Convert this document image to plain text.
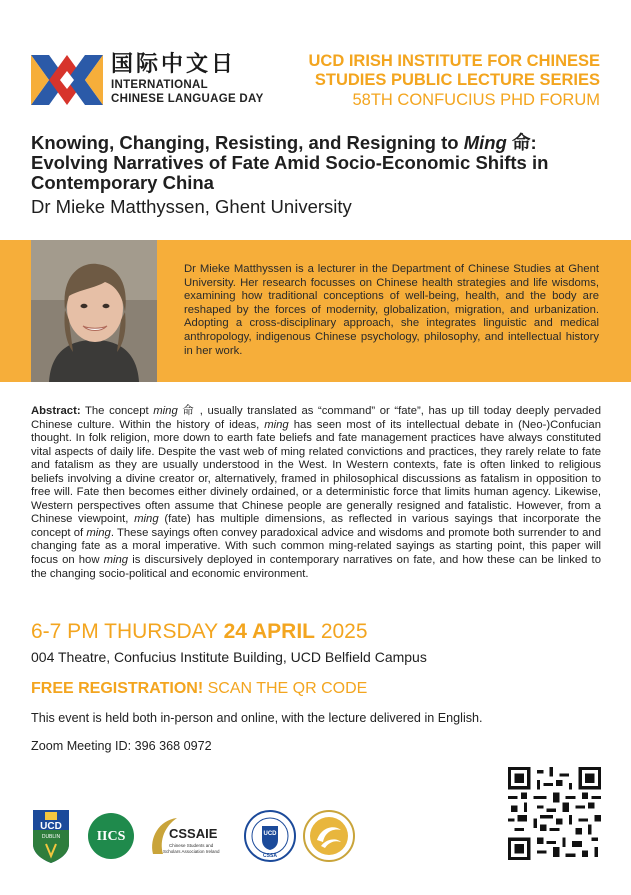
国际中文日
INTERNATIONAL
CHINESE LANGUAGE DAY
UCD IRISH INSTITUTE FOR CHINESE
STUDIES PUBLIC LECTURE SERIES
58TH CONFUCIUS PHD FORUM
Knowing, Changing, Resisting, and Resigning to Ming 命:
Evolving Narratives of Fate Amid Socio-Economic Shifts in Contemporary China
Dr Mieke Matthyssen, Ghent University
Dr Mieke Matthyssen is a lecturer in the Department of Chinese Studies at Ghent University. Her research focusses on Chinese health strategies and life wisdoms, examining how traditional conceptions of well-being, health, and the body are reshaped by the forces of modernity, globalization, migration, and urbanization. Adopting a cross-disciplinary approach, she integrates linguistic and medical anthropology, indigenous Chinese psychology, philosophy, and intellectual history in her work.
Abstract: The concept ming 命 , usually translated as “command” or “fate”, has up till today deeply pervaded Chinese culture. Within the history of ideas, ming has seen most of its intellectual debate in (Neo-)Confucian thought. In folk religion, more down to earth fate beliefs and fate management practices have always constituted vital aspects of daily life. Despite the vast web of ming related convictions and practices, they rarely relate to fate and fatalism as they are usually understood in the West. In Western contexts, fate is often linked to religious beliefs involving a divine creator or, alternatively, framed in philosophical discussions as fatalism in opposition to free will. Fate then becomes either divinely ordained, or a deterministic force that limits human agency. Likewise, Western perspectives often assume that Chinese people are generally resigned and fatalistic. However, from a Chinese viewpoint, ming (fate) has multiple dimensions, as reflected in various sayings that incorporate the concept of ming. These sayings often convey paradoxical advice and wisdoms and promote both surrender to and changing fate as a moral imperative. With such common ming-related sayings as starting point, this paper will focus on how ming is discursively deployed in contemporary narratives on fate, and how these can be linked to the changing socio-political and economic environment.
6-7 PM THURSDAY 24 APRIL 2025
004 Theatre, Confucius Institute Building, UCD Belfield Campus
FREE REGISTRATION! SCAN THE QR CODE
This event is held both in-person and online, with the lecture delivered in English.
Zoom Meeting ID: 396 368 0972
UCD
DUBLIN	IICS	CSSAIE
Chinese Students and
Scholars Association Ireland
UCD
CSSA
